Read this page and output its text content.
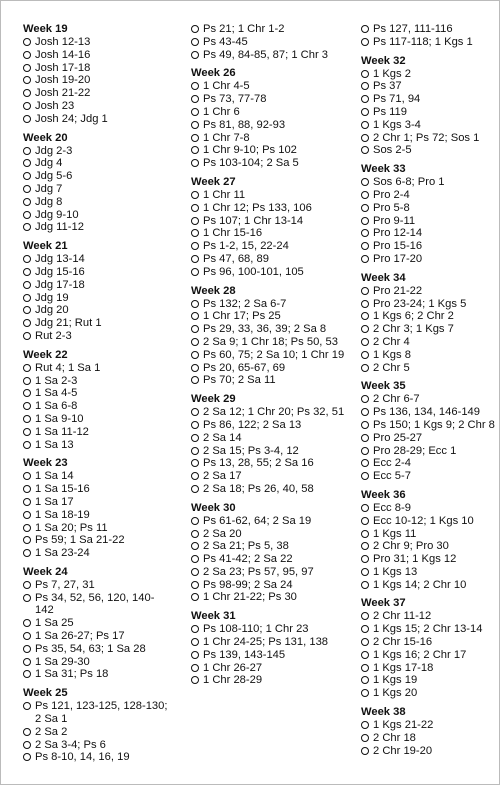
Week 19
Josh 12-13
Josh 14-16
Josh 17-18
Josh 19-20
Josh 21-22
Josh 23
Josh 24; Jdg 1
Week 20
Jdg 2-3
Jdg 4
Jdg 5-6
Jdg 7
Jdg 8
Jdg 9-10
Jdg 11-12
Week 21
Jdg 13-14
Jdg 15-16
Jdg 17-18
Jdg 19
Jdg 20
Jdg 21; Rut 1
Rut 2-3
Week 22
Rut 4; 1 Sa 1
1 Sa 2-3
1 Sa 4-5
1 Sa 6-8
1 Sa 9-10
1 Sa 11-12
1 Sa 13
Week 23
1 Sa 14
1 Sa 15-16
1 Sa 17
1 Sa 18-19
1 Sa 20; Ps 11
Ps 59; 1 Sa 21-22
1 Sa 23-24
Week 24
Ps 7, 27, 31
Ps 34, 52, 56, 120, 140-142
1 Sa 25
1 Sa 26-27; Ps 17
Ps 35, 54, 63; 1 Sa 28
1 Sa 29-30
1 Sa 31; Ps 18
Week 25
Ps 121, 123-125, 128-130; 2 Sa 1
2 Sa 2
2 Sa 3-4; Ps 6
Ps 8-10, 14, 16, 19
Ps 21; 1 Chr 1-2
Ps 43-45
Ps 49, 84-85, 87; 1 Chr 3
Week 26
1 Chr 4-5
Ps 73, 77-78
1 Chr 6
Ps 81, 88, 92-93
1 Chr 7-8
1 Chr 9-10; Ps 102
Ps 103-104; 2 Sa 5
Week 27
1 Chr 11
1 Chr 12; Ps 133, 106
Ps 107; 1 Chr 13-14
1 Chr 15-16
Ps 1-2, 15, 22-24
Ps 47, 68, 89
Ps 96, 100-101, 105
Week 28
Ps 132; 2 Sa 6-7
1 Chr 17; Ps 25
Ps 29, 33, 36, 39; 2 Sa 8
2 Sa 9; 1 Chr 18; Ps 50, 53
Ps 60, 75; 2 Sa 10; 1 Chr 19
Ps 20, 65-67, 69
Ps 70; 2 Sa 11
Week 29
2 Sa 12; 1 Chr 20; Ps 32, 51
Ps 86, 122; 2 Sa 13
2 Sa 14
2 Sa 15; Ps 3-4, 12
Ps 13, 28, 55; 2 Sa 16
2 Sa 17
2 Sa 18; Ps 26, 40, 58
Week 30
Ps 61-62, 64; 2 Sa 19
2 Sa 20
2 Sa 21; Ps 5, 38
Ps 41-42; 2 Sa 22
2 Sa 23; Ps 57, 95, 97
Ps 98-99; 2 Sa 24
1 Chr 21-22; Ps 30
Week 31
Ps 108-110; 1 Chr 23
1 Chr 24-25; Ps 131, 138
Ps 139, 143-145
1 Chr 26-27
1 Chr 28-29
Ps 127, 111-116
Ps 117-118; 1 Kgs 1
Week 32
1 Kgs 2
Ps 37
Ps 71, 94
Ps 119
1 Kgs 3-4
2 Chr 1; Ps 72; Sos 1
Sos 2-5
Week 33
Sos 6-8; Pro 1
Pro 2-4
Pro 5-8
Pro 9-11
Pro 12-14
Pro 15-16
Pro 17-20
Week 34
Pro 21-22
Pro 23-24; 1 Kgs 5
1 Kgs 6; 2 Chr 2
2 Chr 3; 1 Kgs 7
2 Chr 4
1 Kgs 8
2 Chr 5
Week 35
2 Chr 6-7
Ps 136, 134, 146-149
Ps 150; 1 Kgs 9; 2 Chr 8
Pro 25-27
Pro 28-29; Ecc 1
Ecc 2-4
Ecc 5-7
Week 36
Ecc 8-9
Ecc 10-12; 1 Kgs 10
1 Kgs 11
2 Chr 9; Pro 30
Pro 31; 1 Kgs 12
1 Kgs 13
1 Kgs 14; 2 Chr 10
Week 37
2 Chr 11-12
1 Kgs 15; 2 Chr 13-14
2 Chr 15-16
1 Kgs 16; 2 Chr 17
1 Kgs 17-18
1 Kgs 19
1 Kgs 20
Week 38
1 Kgs 21-22
2 Chr 18
2 Chr 19-20
